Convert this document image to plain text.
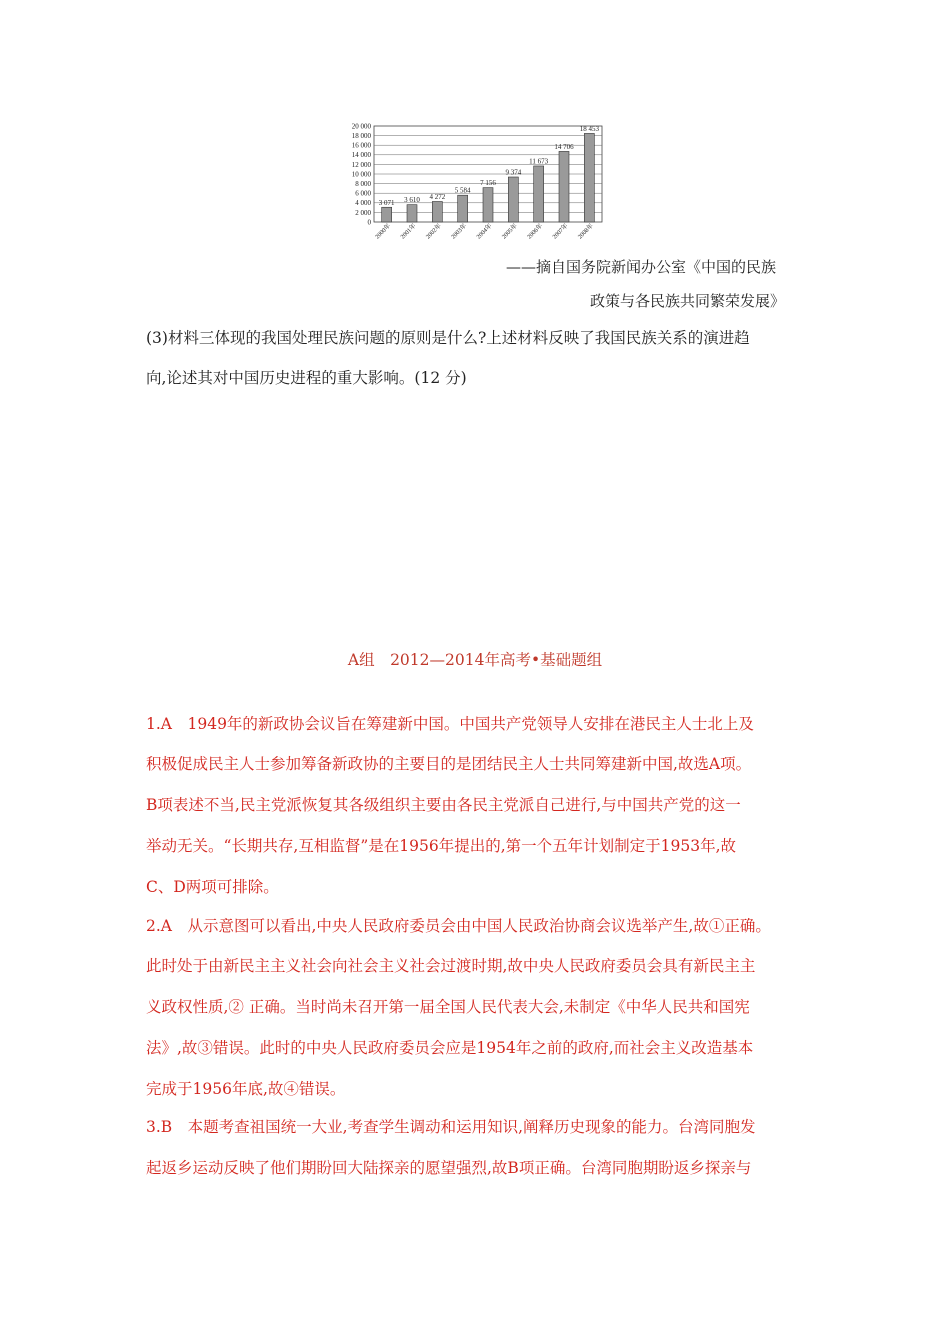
0
2 000
4 000
6 000
8 000
10 000
12 000
14 000
16 000
18 000
20 000
3 071 3 610 4 272
5 584
7 156
9 374
11 673
14 706
18 453
2000年 2001年 2002年 2003年 2004年 2005年 2006年 2007年 2008年
——摘自国务院新闻办公室《中国的民族
政策与各民族共同繁荣发展》
(3)材料三体现的我国处理民族问题的原则是什么?上述材料反映了我国民族关系的演进趋
向,论述其对中国历史进程的重大影响。(12 分)
A组　2012—2014年高考•基础题组
1.A　1949年的新政协会议旨在筹建新中国。中国共产党领导人安排在港民主人士北上及
积极促成民主人士参加筹备新政协的主要目的是团结民主人士共同筹建新中国,故选A项。
B项表述不当,民主党派恢复其各级组织主要由各民主党派自己进行,与中国共产党的这一
举动无关。“长期共存,互相监督”是在1956年提出的,第一个五年计划制定于1953年,故
C、D两项可排除。
2.A　从示意图可以看出,中央人民政府委员会由中国人民政治协商会议选举产生,故①正确。
此时处于由新民主主义社会向社会主义社会过渡时期,故中央人民政府委员会具有新民主主
义政权性质,② 正确。当时尚未召开第一届全国人民代表大会,未制定《中华人民共和国宪
法》,故③错误。此时的中央人民政府委员会应是1954年之前的政府,而社会主义改造基本
完成于1956年底,故④错误。
3.B　本题考查祖国统一大业,考查学生调动和运用知识,阐释历史现象的能力。台湾同胞发
起返乡运动反映了他们期盼回大陆探亲的愿望强烈,故B项正确。台湾同胞期盼返乡探亲与
